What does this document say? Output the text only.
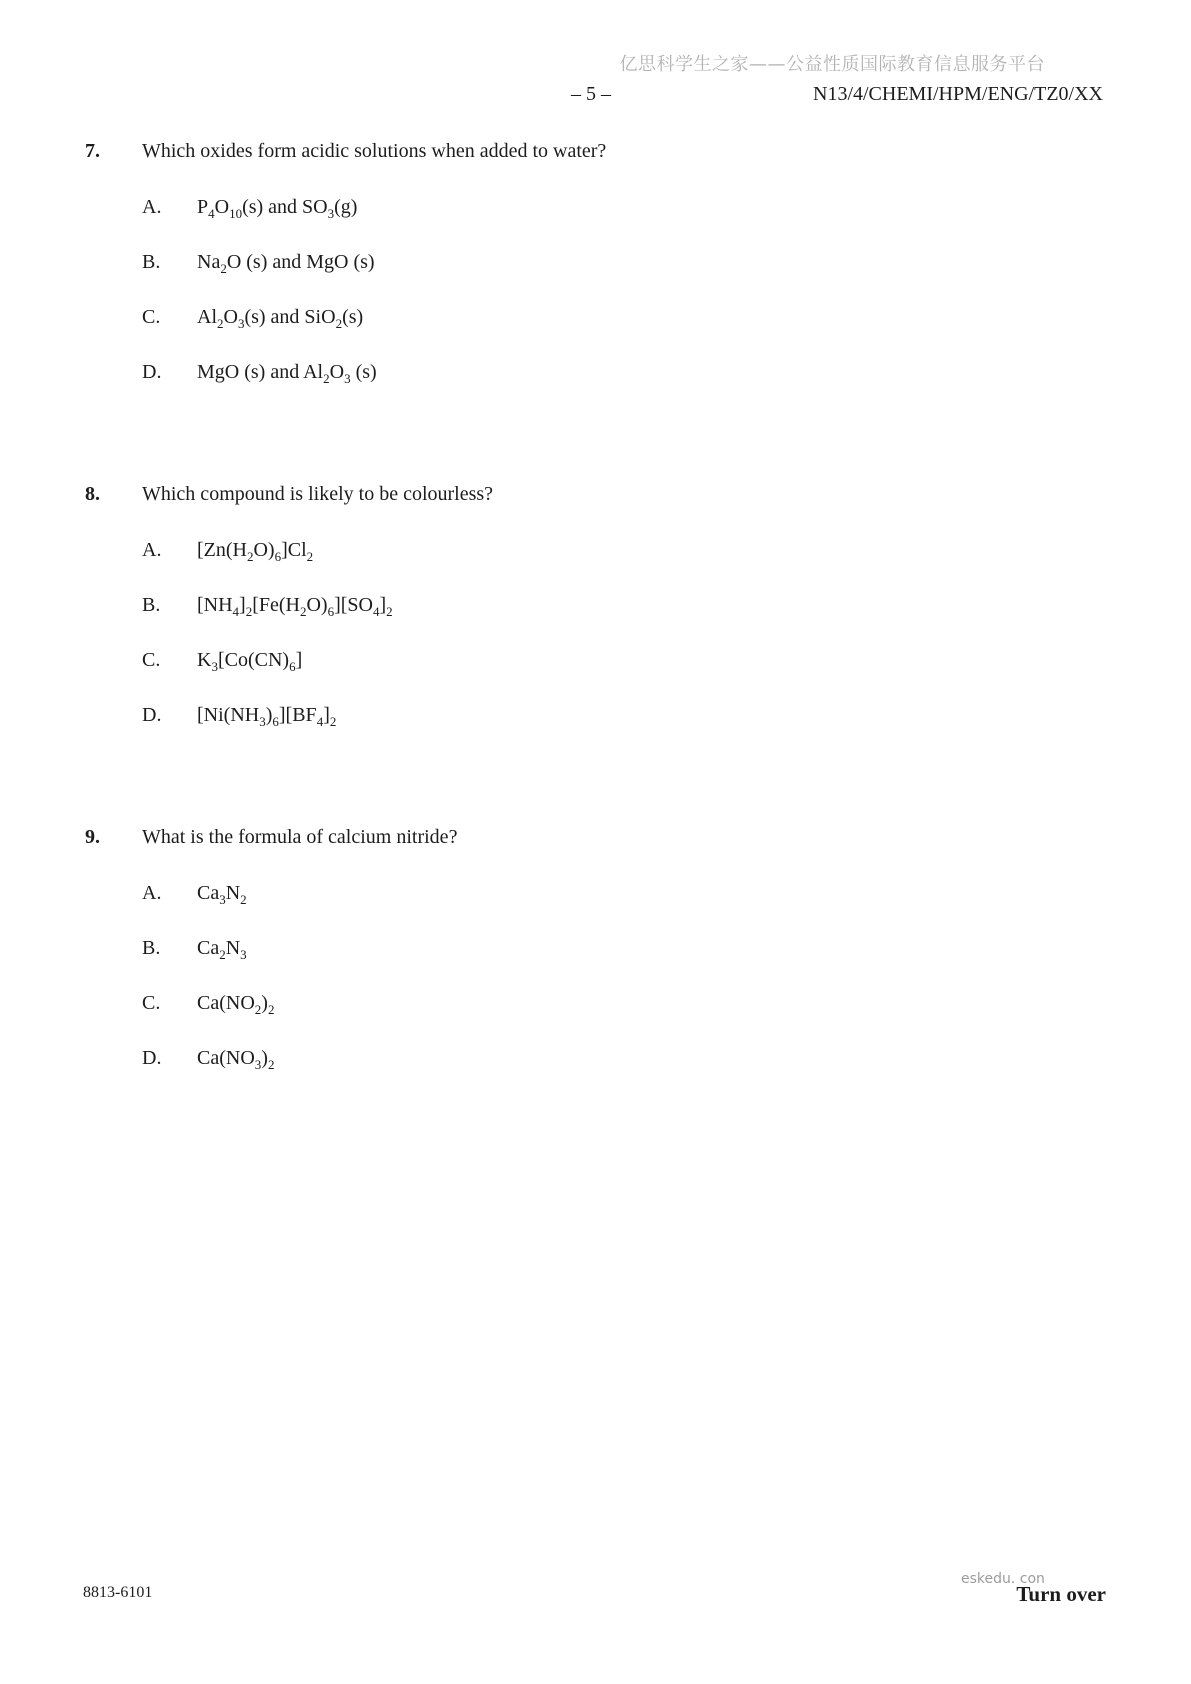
亿思科学生之家——公益性质国际教育信息服务平台
– 5 –	N13/4/CHEMI/HPM/ENG/TZ0/XX
7.	Which oxides form acidic solutions when added to water?
A.	$P_4O_{10}(s)$ and $SO_3(g)$
B.	$Na_2O$ (s) and MgO (s)
C.	$Al_2O_3(s)$ and SiO$_2$(s)
D.	MgO (s) and $Al_2O_3$ (s)
8.	Which compound is likely to be colourless?
A.	$[Zn(H_2O)_6]Cl_2$
B.	$[NH_4]_2[Fe(H_2O)_6][SO_4]_2$
C.	$K_3[Co(CN)_6]$
D.	$[Ni(NH_3)_6][BF_4]_2$
9.	What is the formula of calcium nitride?
A.	$Ca_3N_2$
B.	$Ca_2N_3$
C.	$Ca(NO_2)_2$
D.	$Ca(NO_3)_2$
8813-6101
eskedu. con
Turn over
